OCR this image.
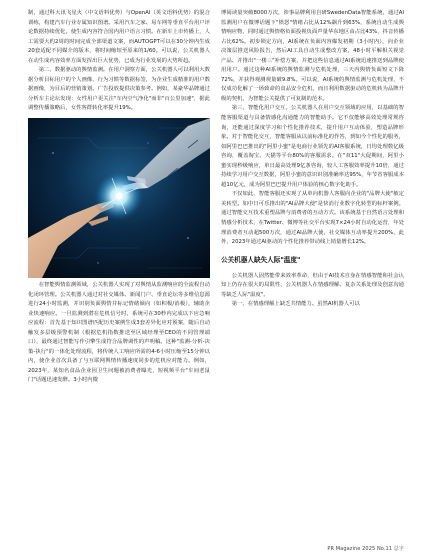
制，通过科大讯飞星火（中文语料优势）与OpenAI（英文语料优势）的混合训练，构建汽车行业专属知识图谱。采用汽车之家、易车网等垂直平台用户评论数据持续优化，使生成内容符合国内用户语言习惯。在新车上市传播上，人工需要大约2周的时间完成全部渠道文案，而AUTOGPT可以在30分钟内生成20套适配不同媒介的版本，将时间缩短至原来的1/60。可以说，公关机器人在动生成内容效率方面发挥出巨大优势，已成为行业发展的大势所趋。

第二，数据驱动的舆情监测。在用户洞察方面，公关机器人可以利用大数据分析目标用户的个人画像，行为习惯等数据标签，为企业生成精准的用户数据画像，为目后的营销策划、广告投放提供决策参考。例如，某豪华品牌通过分析车主论坛发现：女性用户更关注"车内空气净化"而非"百公里加速"，据此调整传播策略后，女性客群转化率提升19%。

在智能舆情监测领域，公关机器人实现了对舆情从监测响应的全流程自动化闭环管理。公关机器人通过对社交媒体、新闻门户、垂直论坛等多维信息源进行24小时监测，并识别负面舆情并标记情绪倾向（如积极/消极），辅助企业快速响应。一旦监测到潜在危机信号时，系统可在30秒内完成以下应急响应流程：首先基于知识图谱匹配历史案例生成3套差异化应对预案，随后自动触发多层级预警机制（根据危机指数推送至区域经理至CEO的不同管理端口），最终通过智能写作引擎生成符合品牌调性的声明稿。这种"监测-分析-决策-执行"的一体化处理流程，将传统人工响应所需的4-6小时压缩至15分钟以内，使企业首次具备了与互联网舆情传播速度同步的危机应对能力。例如，2023年，某知名食品企业因卫生问题被消费者曝光，短视频平台"车间老鼠门"话题迅速发酵。3小时内微

博阅读量突破8000万次，涉事品牌利用自研SwedenData智能系统，通过AI监测用户在微博话题下"愤怒"情绪占比从12%飙升到63%，系统自动生成舆情响应物，同时通过舆情格负面投视负面声量华东地区由占比43%，抖音传播占比62%。初步锁定方向，AI系统在负面内容爆发初期（3小时内），向企业决策层推送风险报告，然后AI工具自动生成整改方案，48小时平解相关视觉产品、并推出"一楼三"补偿方案，并把这些信息通过AI系统迅速推送到品牌使用用户。通过这种AI系统的舆情监测与危机处理，三天内舆情负面短文下降72%，并获得观测观量破9.8%。可以说，AI系统的舆情监测与危机处理，不仅成功化解了一场致命的食品安全危机，而且利用数据驱动的危机转为品牌升级的契机，为智能公关提供了可复制的范本。

第三，智能化用户交互。公关机器人在用户交互领域的应用，以基础的智能客服渠道与具备情感化沟通能力的智能助手。它不仅能够高效处理常规咨询，还能通过深度学习和个性化推荐技术，提升用户互动体验，塑造品牌形象。对于智能化交互，智能客服从以前标准化的作答，到如今个性化的服务，如阿里巴巴推出的"阿里小蜜"是电商行业领先的AI客服系统，日均处理数亿级咨询，覆盖淘宝、天猫等平台80%的客服需求。在"双11"大促期间，阿里小蜜实现秒级响应，单日最高处理9亿条咨询，较人工客服效率提升10倍，通过持续学习用户交互数据，阿里小蜜的意识识别准确率达95%，年节省客服成本超10亿元，成为阿里巴巴提升用户体验的核心数字化助手。

不仅如此，智能客服还实现了从单向机器人客服向企业的"品牌大使"敏定美转型。如中日可乐推出的"AI品牌大使"是快消行业数字化转型的标杆案例。通过智能交互技术重塑品牌与消费者的互动方式。该系统基于自然语言处理和情感分析技术，在Twitter、微博等社交平台实现7×24小时自动化运营，年处理消费者互动超500万次，通过AI品牌大使，社交媒体互动率提升200%，此外，2023年通过AI驱动的个性化推荐带动线上销量增长12%。

公关机器人缺失人际"温度"

公关机器人固然能带来效率革命，但由于AI技术自身在情感智能和社会认知上仍存在很大的局限性，公关机器人在情感理解、复杂关系处理及创意沟通等缺乏人际"温度"。

第一，在情感理解上缺乏共情能力。虽然AI机器人可以

PR Magazine 2025 No.11 总字
